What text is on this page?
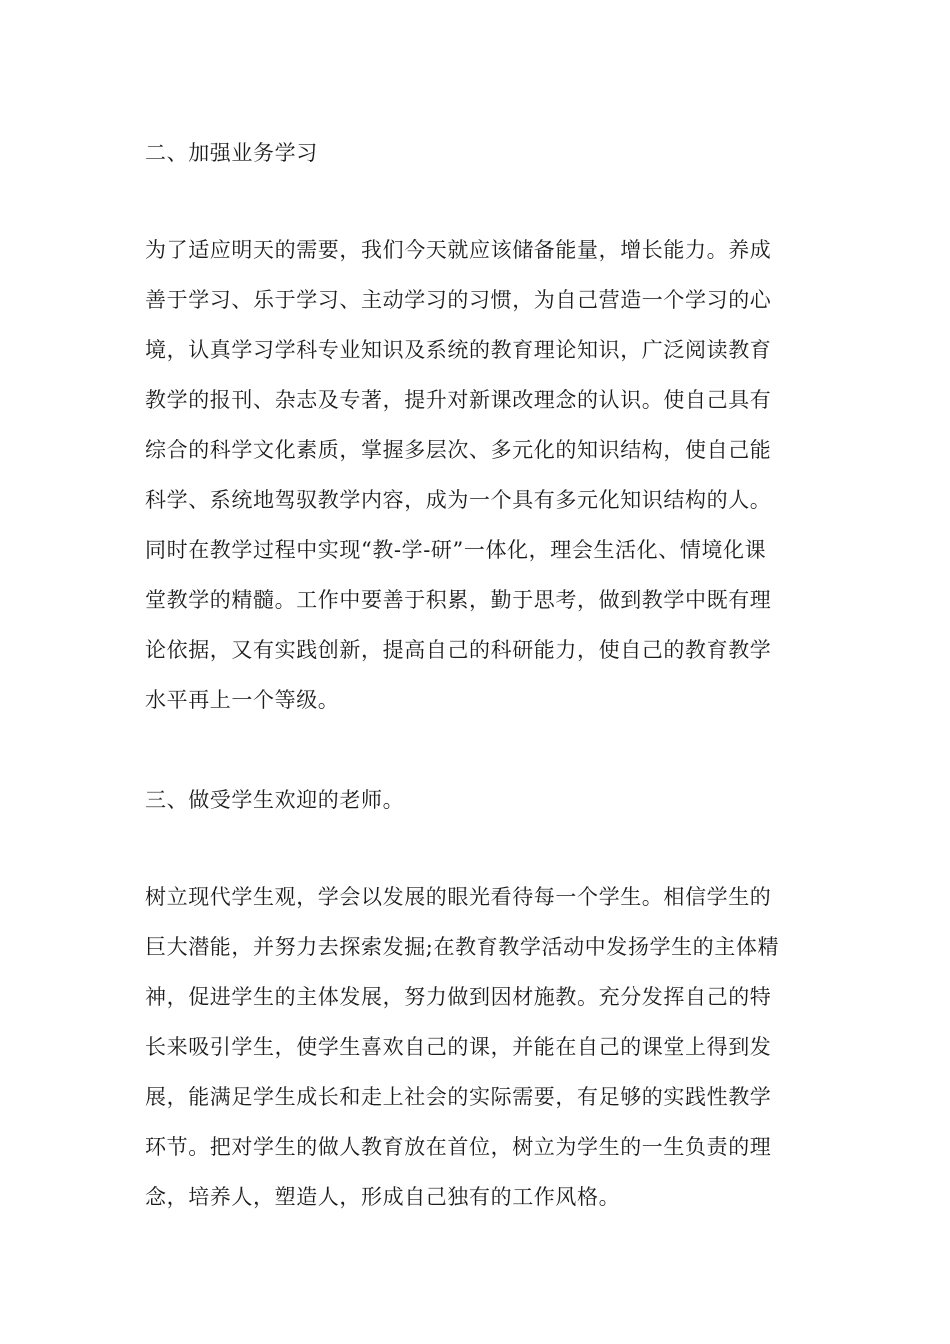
二、加强业务学习
为了适应明天的需要，我们今天就应该储备能量，增长能力。养成
善于学习、乐于学习、主动学习的习惯，为自己营造一个学习的心
境，认真学习学科专业知识及系统的教育理论知识，广泛阅读教育
教学的报刊、杂志及专著，提升对新课改理念的认识。使自己具有
综合的科学文化素质，掌握多层次、多元化的知识结构，使自己能
科学、系统地驾驭教学内容，成为一个具有多元化知识结构的人。
同时在教学过程中实现“教-学-研”一体化，理会生活化、情境化课
堂教学的精髓。工作中要善于积累，勤于思考，做到教学中既有理
论依据，又有实践创新，提高自己的科研能力，使自己的教育教学
水平再上一个等级。
三、做受学生欢迎的老师。
树立现代学生观，学会以发展的眼光看待每一个学生。相信学生的
巨大潜能，并努力去探索发掘;在教育教学活动中发扬学生的主体精
神，促进学生的主体发展，努力做到因材施教。充分发挥自己的特
长来吸引学生，使学生喜欢自己的课，并能在自己的课堂上得到发
展，能满足学生成长和走上社会的实际需要，有足够的实践性教学
环节。把对学生的做人教育放在首位，树立为学生的一生负责的理
念，培养人，塑造人，形成自己独有的工作风格。
